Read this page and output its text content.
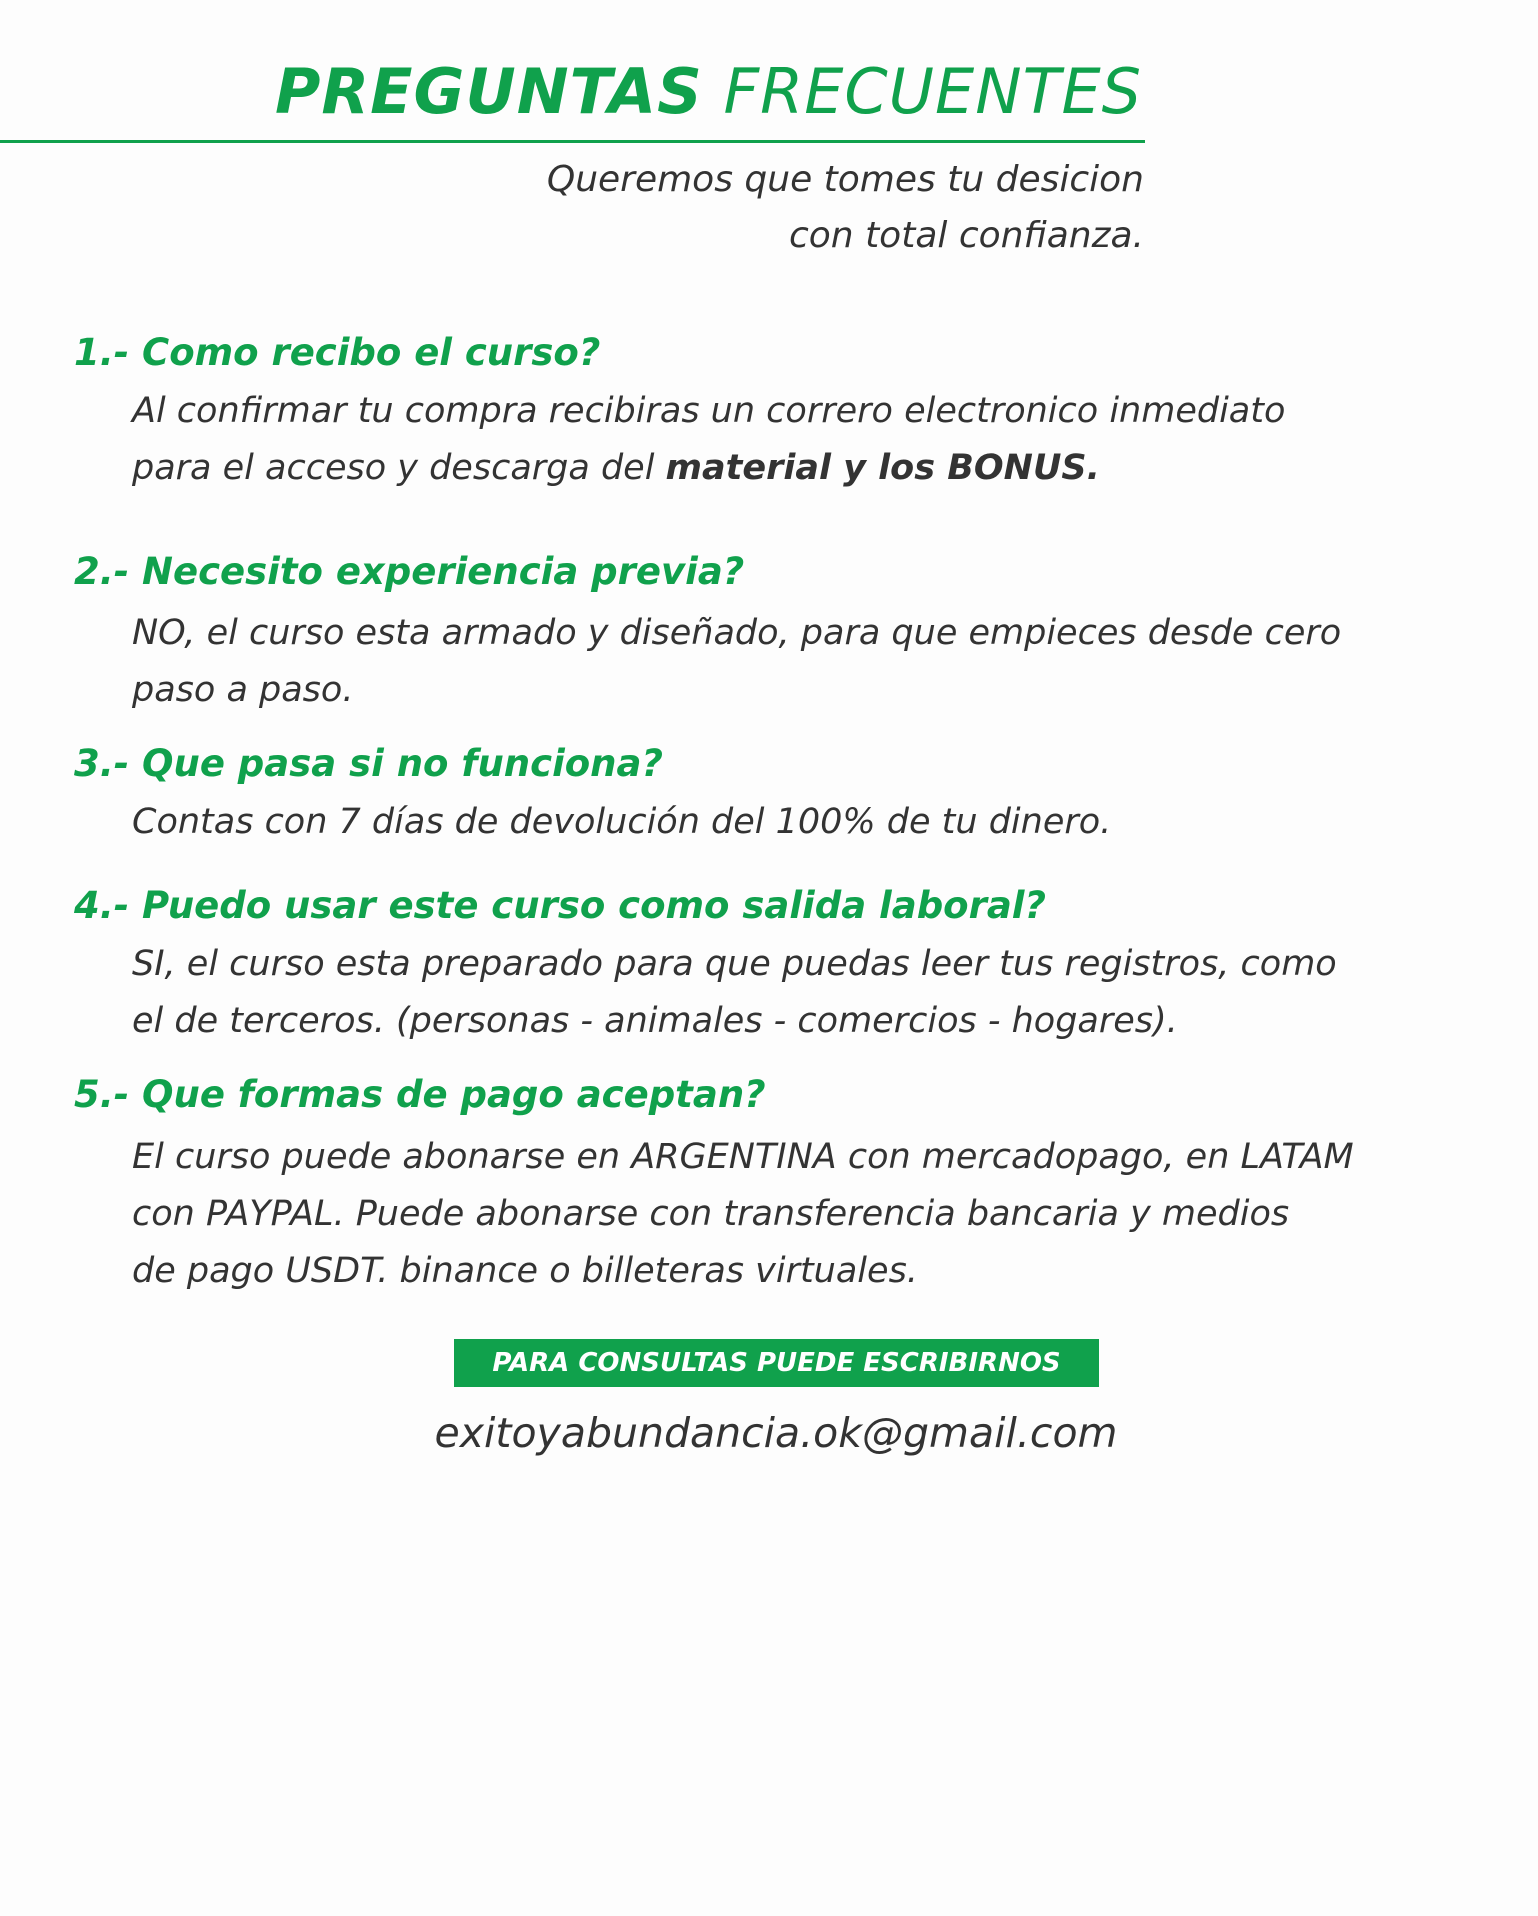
PREGUNTAS FRECUENTES
Queremos que tomes tu desicion
con total confianza.
1.- Como recibo el curso?
Al confirmar tu compra recibiras un correro electronico inmediato
para el acceso y descarga del material y los BONUS.
2.- Necesito experiencia previa?
NO, el curso esta armado y diseñado, para que empieces desde cero
paso a paso.
3.- Que pasa si no funciona?
Contas con 7 días de devolución del 100% de tu dinero.
4.- Puedo usar este curso como salida laboral?
SI, el curso esta preparado para que puedas leer tus registros, como
el de terceros. (personas - animales - comercios - hogares).
5.- Que formas de pago aceptan?
El curso puede abonarse en ARGENTINA con mercadopago, en LATAM
con PAYPAL. Puede abonarse con transferencia bancaria y medios
de pago USDT. binance o billeteras virtuales.
PARA CONSULTAS PUEDE ESCRIBIRNOS
exitoyabundancia.ok@gmail.com
